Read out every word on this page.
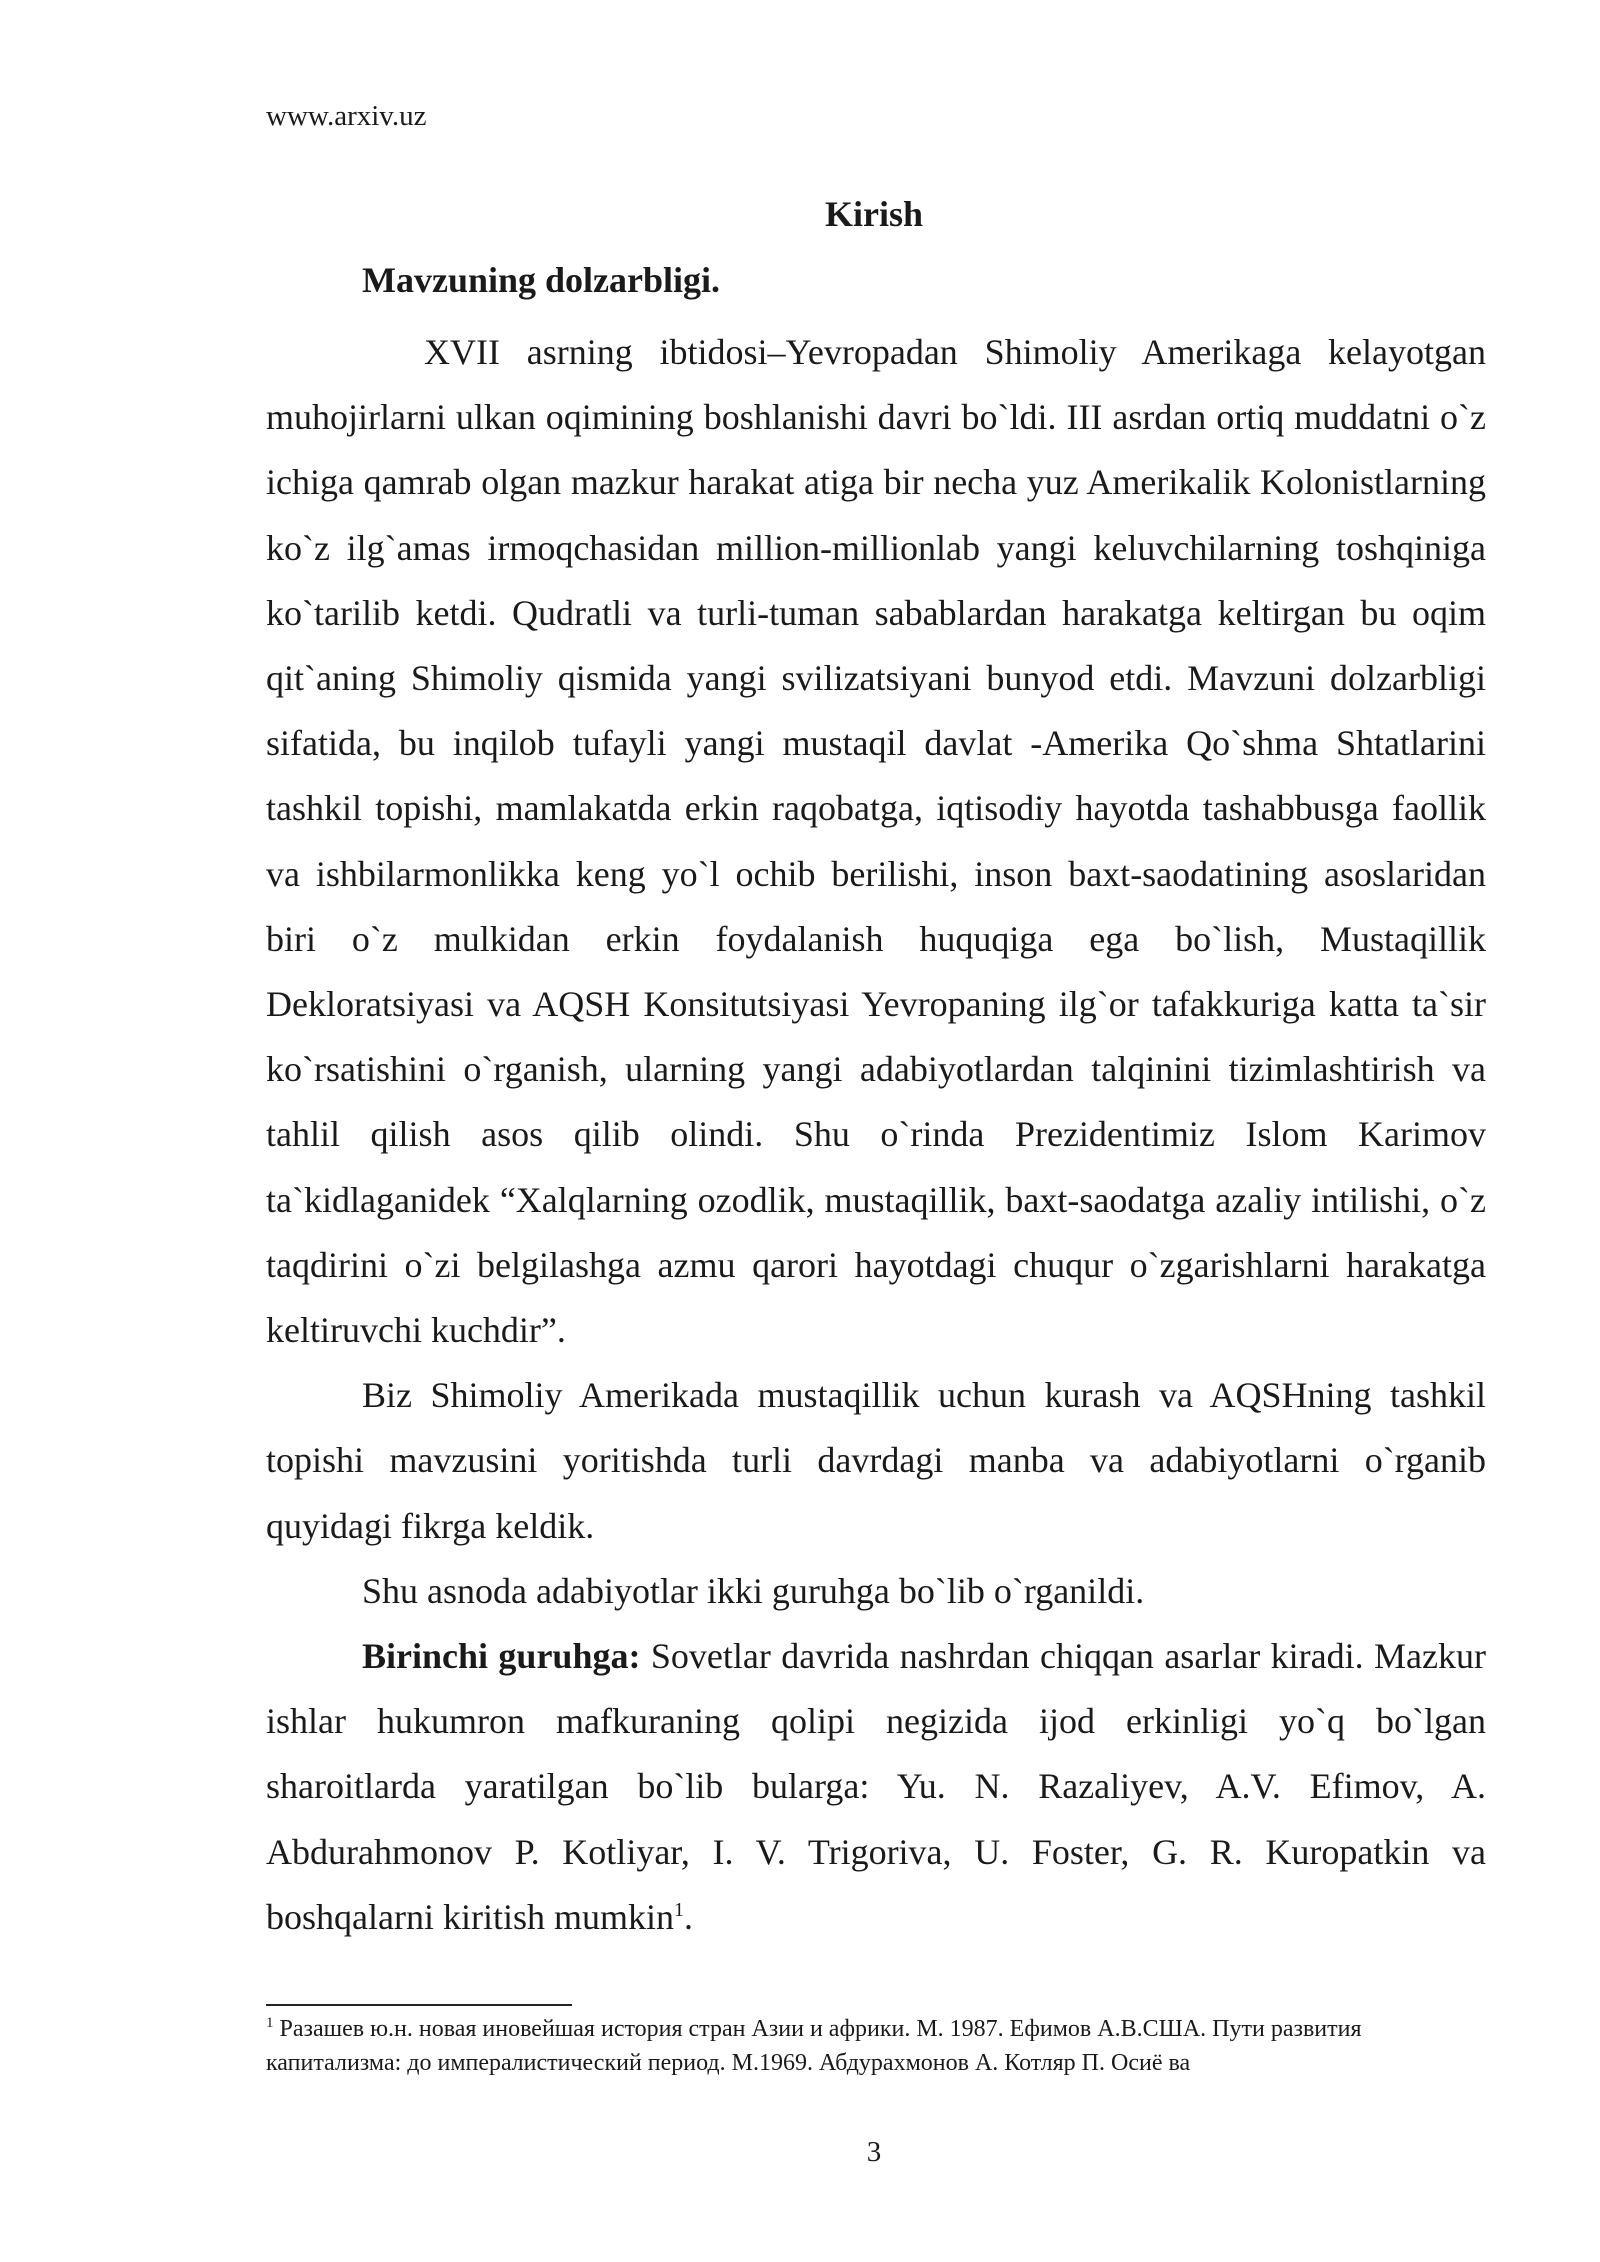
www.arxiv.uz
Kirish
Mavzuning dolzarbligi.

XVII asrning ibtidosi–Yevropadan Shimoliy Amerikaga kelayotgan muhojirlarni ulkan oqimining boshlanishi davri bo`ldi. III asrdan ortiq muddatni o`z ichiga qamrab olgan mazkur harakat atiga bir necha yuz Amerikalik Kolonistlarning ko`z ilg`amas irmoqchasidan million-millionlab yangi keluvchilarning toshqiniga ko`tarilib ketdi. Qudratli va turli-tuman sabablardan harakatga keltirgan bu oqim qit`aning Shimoliy qismida yangi svilizatsiyani bunyod etdi. Mavzuni dolzarbligi sifatida, bu inqilob tufayli yangi mustaqil davlat -Amerika Qo`shma Shtatlarini tashkil topishi, mamlakatda erkin raqobatga, iqtisodiy hayotda tashabbusga faollik va ishbilarmonlikka keng yo`l ochib berilishi, inson baxt-saodatining asoslaridan biri o`z mulkidan erkin foydalanish huquqiga ega bo`lish, Mustaqillik Dekloratsiyasi va AQSH Konsitutsiyasi Yevropaning ilg`or tafakkuriga katta ta`sir ko`rsatishini o`rganish, ularning yangi adabiyotlardan talqinini tizimlashtirish va tahlil qilish asos qilib olindi. Shu o`rinda Prezidentimiz Islom Karimov ta`kidlaganidek “Xalqlarning ozodlik, mustaqillik, baxt-saodatga azaliy intilishi, o`z taqdirini o`zi belgilashga azmu qarori hayotdagi chuqur o`zgarishlarni harakatga keltiruvchi kuchdir”.

Biz Shimoliy Amerikada mustaqillik uchun kurash va AQSHning tashkil topishi mavzusini yoritishda turli davrdagi manba va adabiyotlarni o`rganib quyidagi fikrga keldik.

Shu asnoda adabiyotlar ikki guruhga bo`lib o`rganildi.

Birinchi guruhga: Sovetlar davrida nashrdan chiqqan asarlar kiradi. Mazkur ishlar hukumron mafkuraning qolipi negizida ijod erkinligi yo`q bo`lgan sharoitlarda yaratilgan bo`lib bularga: Yu. N. Razaliyev, A.V. Efimov, A. Abdurahmonov P. Kotliyar, I. V. Trigoriva, U. Foster, G. R. Kuropatkin va boshqalarni kiritish mumkin$^1$.

$^1$ Разашев ю.н. новая иновейшая история стран Азии и африки. М. 1987. Ефимов А.В.США. Пути развития капитализма: до имперaлистический период. М.1969. Абдурахмонов А. Котляр П. Осиё ва
3
